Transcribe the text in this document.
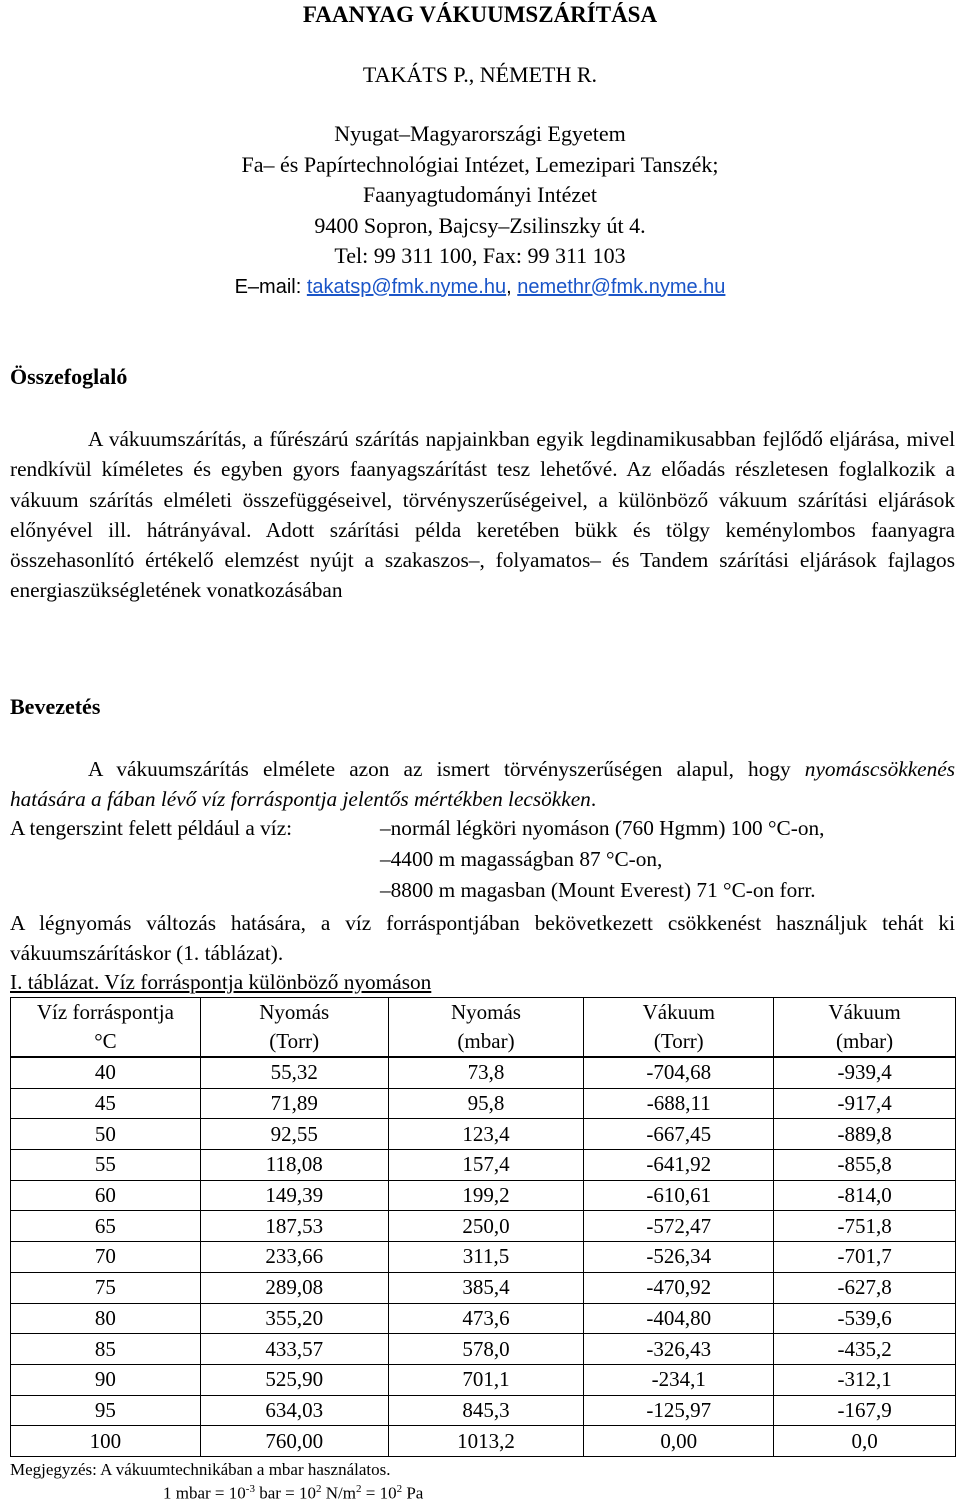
FAANYAG VÁKUUMSZÁRÍTÁSA
TAKÁTS P., NÉMETH R.
Nyugat–Magyarországi Egyetem
Fa– és Papírtechnológiai Intézet, Lemezipari Tanszék;
Faanyagtudományi Intézet
9400 Sopron, Bajcsy–Zsilinszky út 4.
Tel: 99 311 100, Fax: 99 311 103
E–mail: takatsp@fmk.nyme.hu, nemethr@fmk.nyme.hu
Összefoglaló

A vákuumszárítás, a fűrészárú szárítás napjainkban egyik legdinamikusabban fejlődő eljárása, mivel rendkívül kíméletes és egyben gyors faanyagszárítást tesz lehetővé. Az előadás részletesen foglalkozik a vákuum szárítás elméleti összefüggéseivel, törvényszerűségeivel, a különböző vákuum szárítási eljárások előnyével ill. hátrányával. Adott szárítási példa keretében bükk és tölgy keménylombos faanyagra összehasonlító értékelő elemzést nyújt a szakaszos–, folyamatos– és Tandem szárítási eljárások fajlagos energiaszükségletének vonatkozásában

Bevezetés

A vákuumszárítás elmélete azon az ismert törvényszerűségen alapul, hogy nyomáscsökkenés hatására a fában lévő víz forráspontja jelentős mértékben lecsökken.

A tengerszint felett például a víz:	–normál légköri nyomáson (760 Hgmm) 100 °C-on,
–4400 m magasságban 87 °C-on,
–8800 m magasban (Mount Everest) 71 °C-on forr.

A légnyomás változás hatására, a víz forráspontjában bekövetkezett csökkenést használjuk tehát ki vákuumszárításkor (1. táblázat).

I. táblázat. Víz forráspontja különböző nyomáson
Víz forráspontja	Nyomás	Nyomás	Vákuum	Vákuum
°C	(Torr)	(mbar)	(Torr)	(mbar)
40	55,32	73,8	-704,68	-939,4
45	71,89	95,8	-688,11	-917,4
50	92,55	123,4	-667,45	-889,8
55	118,08	157,4	-641,92	-855,8
60	149,39	199,2	-610,61	-814,0
65	187,53	250,0	-572,47	-751,8
70	233,66	311,5	-526,34	-701,7
75	289,08	385,4	-470,92	-627,8
80	355,20	473,6	-404,80	-539,6
85	433,57	578,0	-326,43	-435,2
90	525,90	701,1	-234,1	-312,1
95	634,03	845,3	-125,97	-167,9
100	760,00	1013,2	0,00	0,0
Megjegyzés: A vákuumtechnikában a mbar használatos.
1 mbar = $10^{-3}$ bar = $10^2$ $N/m^2 = 10^2$ Pa
